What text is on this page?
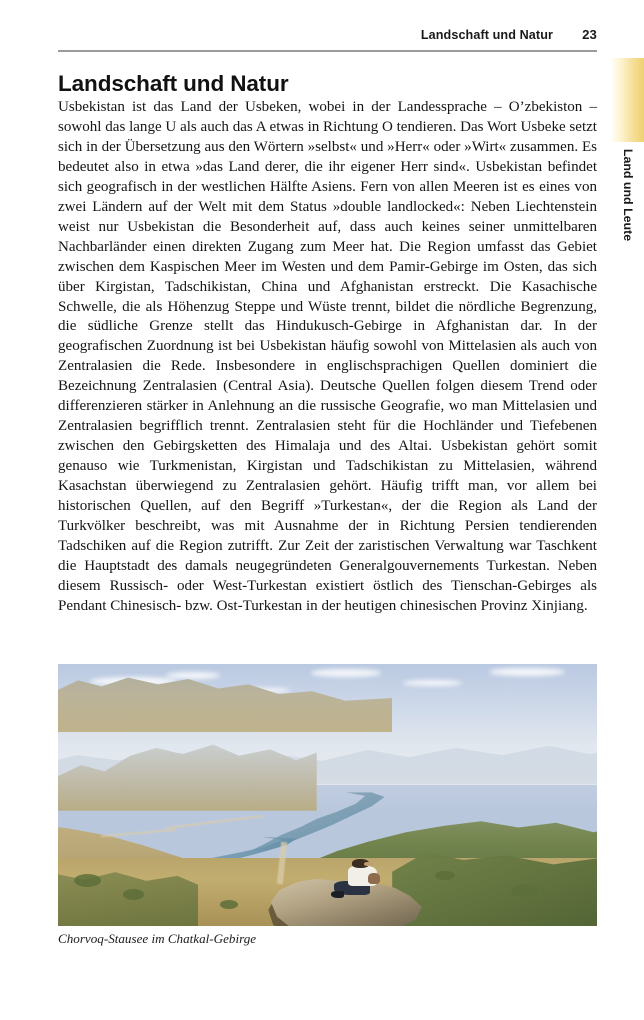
Landschaft und Natur	23
Land und Leute
Landschaft und Natur

Usbekistan ist das Land der Usbeken, wobei in der Landessprache – O’zbekiston – sowohl das lange U als auch das A etwas in Richtung O tendieren. Das Wort Usbeke setzt sich in der Übersetzung aus den Wörtern »selbst« und »Herr« oder »Wirt« zusammen. Es bedeutet also in etwa »das Land derer, die ihr eigener Herr sind«. Usbekistan befindet sich geografisch in der westlichen Hälfte Asiens. Fern von allen Meeren ist es eines von zwei Ländern auf der Welt mit dem Status »double landlocked«: Neben Liechtenstein weist nur Usbekistan die Besonderheit auf, dass auch keines seiner unmittelbaren Nachbarländer einen direkten Zugang zum Meer hat. Die Region umfasst das Gebiet zwischen dem Kaspischen Meer im Westen und dem Pamir-Gebirge im Osten, das sich über Kirgistan, Tadschikistan, China und Afghanistan erstreckt. Die Kasachische Schwelle, die als Höhenzug Steppe und Wüste trennt, bildet die nördliche Begrenzung, die südliche Grenze stellt das Hindukusch-Gebirge in Afghanistan dar. In der geografischen Zuordnung ist bei Usbekistan häufig sowohl von Mittelasien als auch von Zentralasien die Rede. Insbesondere in englischsprachigen Quellen dominiert die Bezeichnung Zentralasien (Central Asia). Deutsche Quellen folgen diesem Trend oder differenzieren stärker in Anlehnung an die russische Geografie, wo man Mittelasien und Zentralasien begrifflich trennt. Zentralasien steht für die Hochländer und Tiefebenen zwischen den Gebirgsketten des Himalaja und des Altai. Usbekistan gehört somit genauso wie Turkmenistan, Kirgistan und Tadschikistan zu Mittelasien, während Kasachstan überwiegend zu Zentralasien gehört. Häufig trifft man, vor allem bei historischen Quellen, auf den Begriff »Turkestan«, der die Region als Land der Turkvölker beschreibt, was mit Ausnahme der in Richtung Persien tendierenden Tadschiken auf die Region zutrifft. Zur Zeit der zaristischen Verwaltung war Taschkent die Hauptstadt des damals neugegründeten Generalgouvernements Turkestan. Neben diesem Russisch- oder West-Turkestan existiert östlich des Tienschan-Gebirges als Pendant Chinesisch- bzw. Ost-Turkestan in der heutigen chinesischen Provinz Xinjiang.

Chorvoq-Stausee im Chatkal-Gebirge
